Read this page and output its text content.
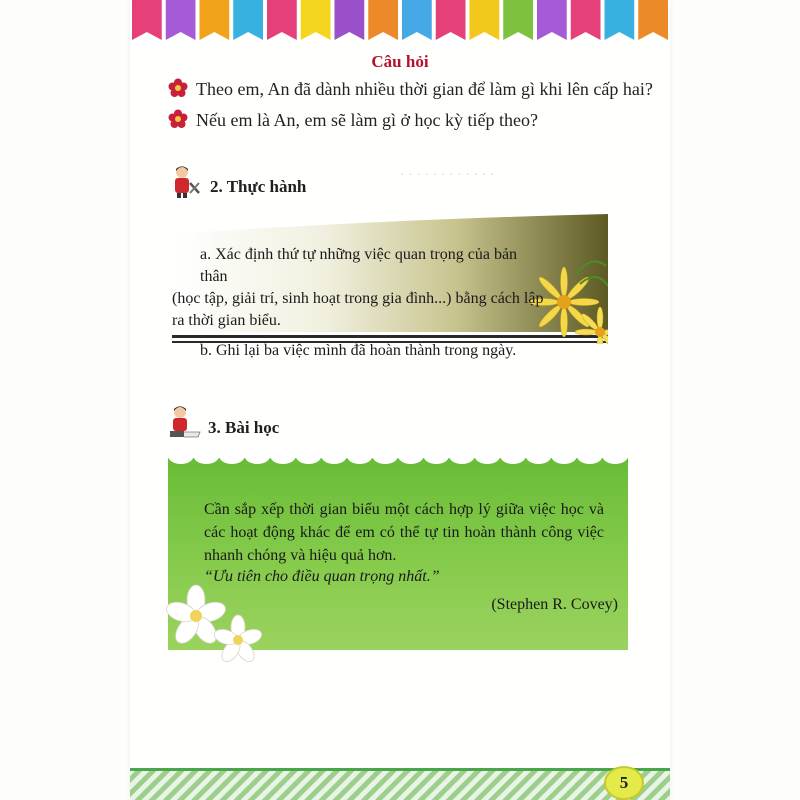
· · · · · · · · · · · ·
Câu hỏi
Theo em, An đã dành nhiều thời gian để làm gì khi lên cấp hai?
Nếu em là An, em sẽ làm gì ở học kỳ tiếp theo?
2. Thực hành

a. Xác định thứ tự những việc quan trọng của bản thân

(học tập, giải trí, sinh hoạt trong gia đình...) bằng cách lập

ra thời gian biểu.

b. Ghi lại ba việc mình đã hoàn thành trong ngày.

3. Bài học
Cần sắp xếp thời gian biểu một cách hợp lý giữa việc học và các hoạt động khác để em có thể tự tin hoàn thành công việc nhanh chóng và hiệu quả hơn.
“Ưu tiên cho điều quan trọng nhất.”
(Stephen R. Covey)
5
